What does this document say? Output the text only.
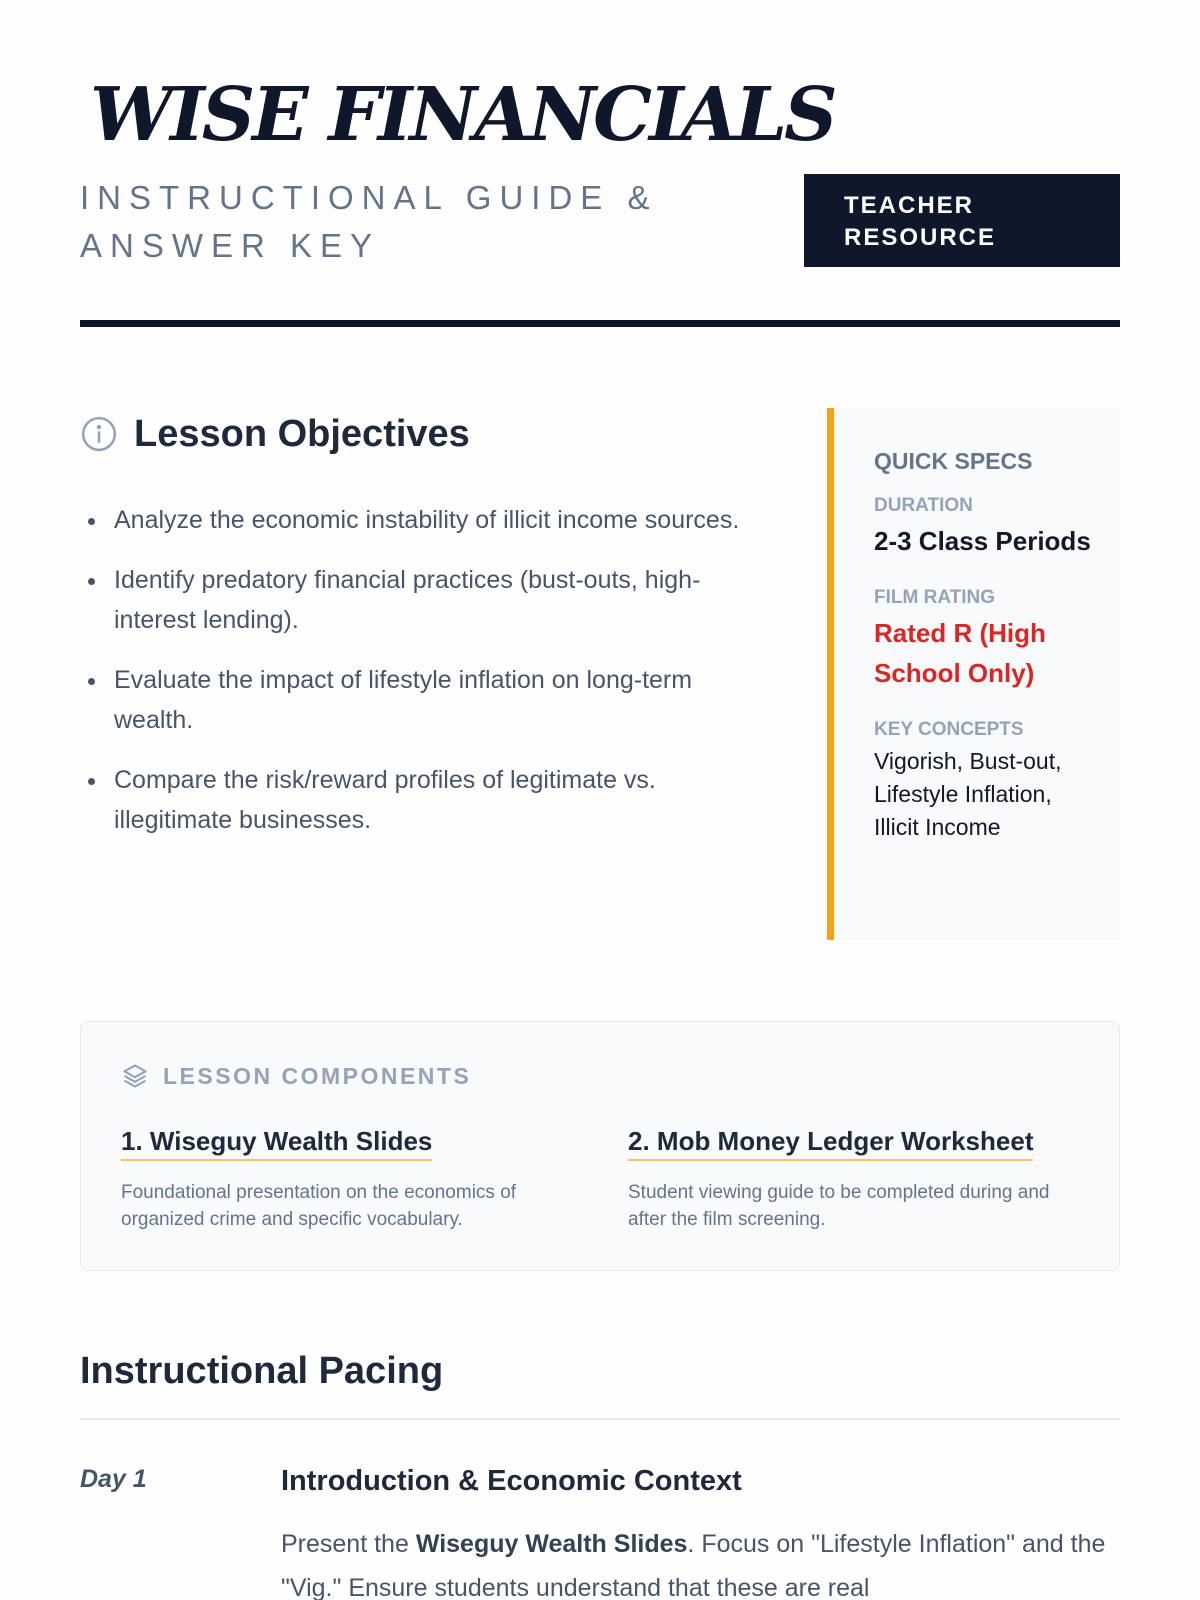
WISE FINANCIALS
INSTRUCTIONAL GUIDE & ANSWER KEY
TEACHER RESOURCE
Lesson Objectives
Analyze the economic instability of illicit income sources.
Identify predatory financial practices (bust-outs, high-interest lending).
Evaluate the impact of lifestyle inflation on long-term wealth.
Compare the risk/reward profiles of legitimate vs. illegitimate businesses.
QUICK SPECS
DURATION
2-3 Class Periods
FILM RATING
Rated R (High School Only)
KEY CONCEPTS
Vigorish, Bust-out, Lifestyle Inflation, Illicit Income
LESSON COMPONENTS
1. Wiseguy Wealth Slides
Foundational presentation on the economics of organized crime and specific vocabulary.
2. Mob Money Ledger Worksheet
Student viewing guide to be completed during and after the film screening.
Instructional Pacing
Day 1	Introduction & Economic Context
Present the Wiseguy Wealth Slides. Focus on "Lifestyle Inflation" and the "Vig." Ensure students understand that these are real
